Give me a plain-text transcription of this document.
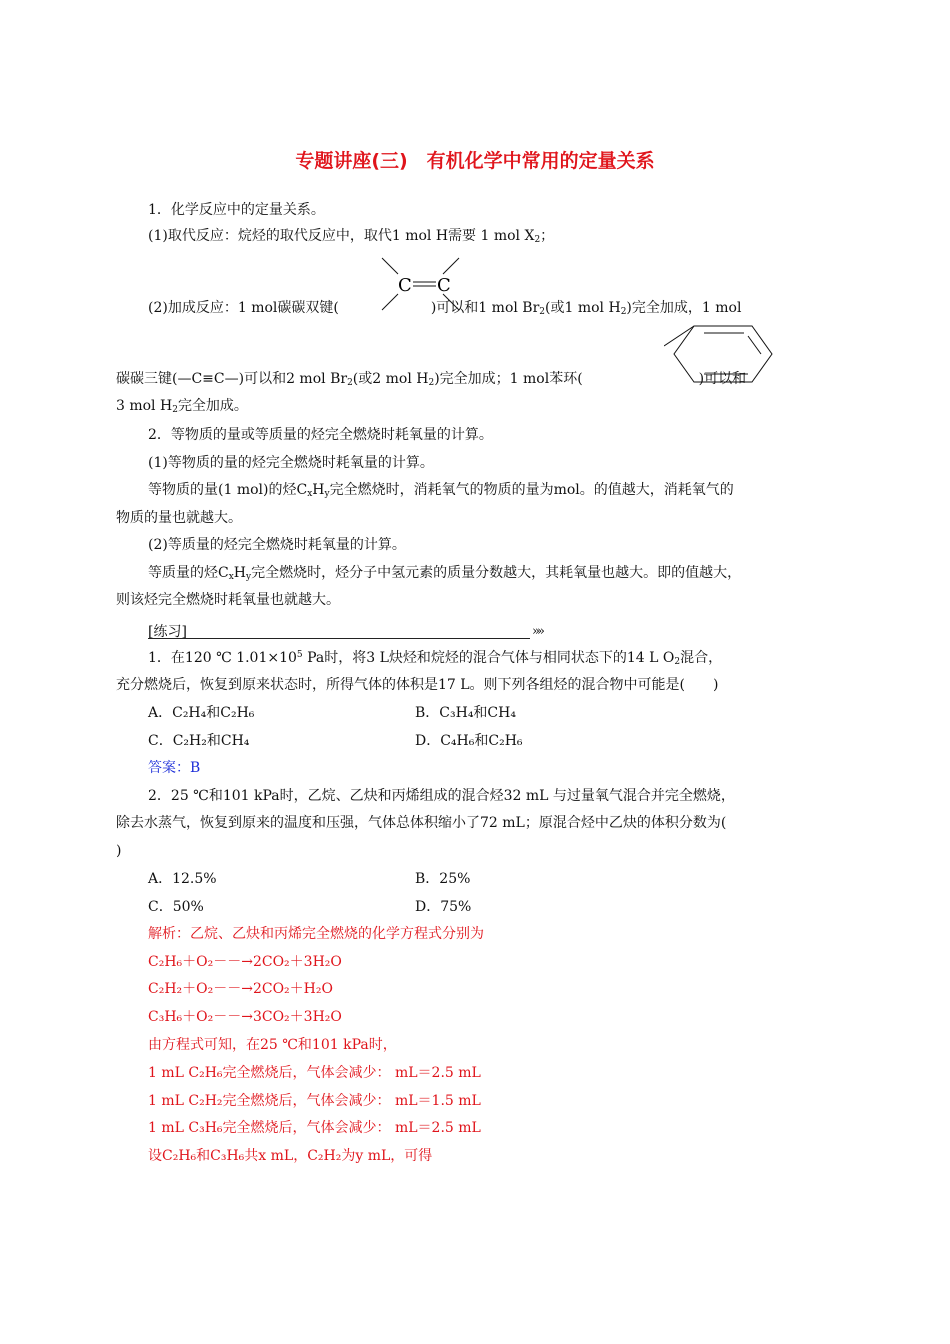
专题讲座(三)　有机化学中常用的定量关系
1．化学反应中的定量关系。
(1)取代反应：烷烃的取代反应中，取代1 mol H需要 1 mol $X_2$；
C C
(2)加成反应：1 mol碳碳双键(	)可以和1 mol $Br_2$(或1 mol $H_2$)完全加成，1 mol
碳碳三键(—C≡C—)可以和2 mol $Br_2$(或2 mol $H_2$)完全加成；1 mol苯环(	)可以和
3 mol $H_2$完全加成。
2．等物质的量或等质量的烃完全燃烧时耗氧量的计算。
(1)等物质的量的烃完全燃烧时耗氧量的计算。
等物质的量(1 mol)的烃$C_xH_y$完全燃烧时，消耗氧气的物质的量为mol。的值越大，消耗氧气的
物质的量也就越大。
(2)等质量的烃完全燃烧时耗氧量的计算。
等质量的烃$C_xH_y$完全燃烧时，烃分子中氢元素的质量分数越大，其耗氧量也越大。即的值越大，
则该烃完全燃烧时耗氧量也就越大。
[练习]	»»
1．在120 ℃ $1.01\times 10^5$ Pa时，将3 L炔烃和烷烃的混合气体与相同状态下的14 L $O_2$混合，
充分燃烧后，恢复到原来状态时，所得气体的体积是17 L。则下列各组烃的混合物中可能是(　　)
A．C₂H₄和C₂H₆	B．C₃H₄和CH₄
C．C₂H₂和CH₄	D．C₄H₆和C₂H₆
答案：B
2．25 ℃和101 kPa时，乙烷、乙炔和丙烯组成的混合烃32 mL 与过量氧气混合并完全燃烧，
除去水蒸气，恢复到原来的温度和压强，气体总体积缩小了72 mL；原混合烃中乙炔的体积分数为(
)
A．12.5%	B．25%
C．50%	D．75%
解析：乙烷、乙炔和丙烯完全燃烧的化学方程式分别为
C₂H₆＋O₂－－→2CO₂＋3H₂O
C₂H₂＋O₂－－→2CO₂＋H₂O
C₃H₆＋O₂－－→3CO₂＋3H₂O
由方程式可知，在25 ℃和101 kPa时，
1 mL C₂H₆完全燃烧后，气体会减少： mL＝2.5 mL
1 mL C₂H₂完全燃烧后，气体会减少： mL＝1.5 mL
1 mL C₃H₆完全燃烧后，气体会减少： mL＝2.5 mL
设C₂H₆和C₃H₆共x mL，C₂H₂为y mL，可得
